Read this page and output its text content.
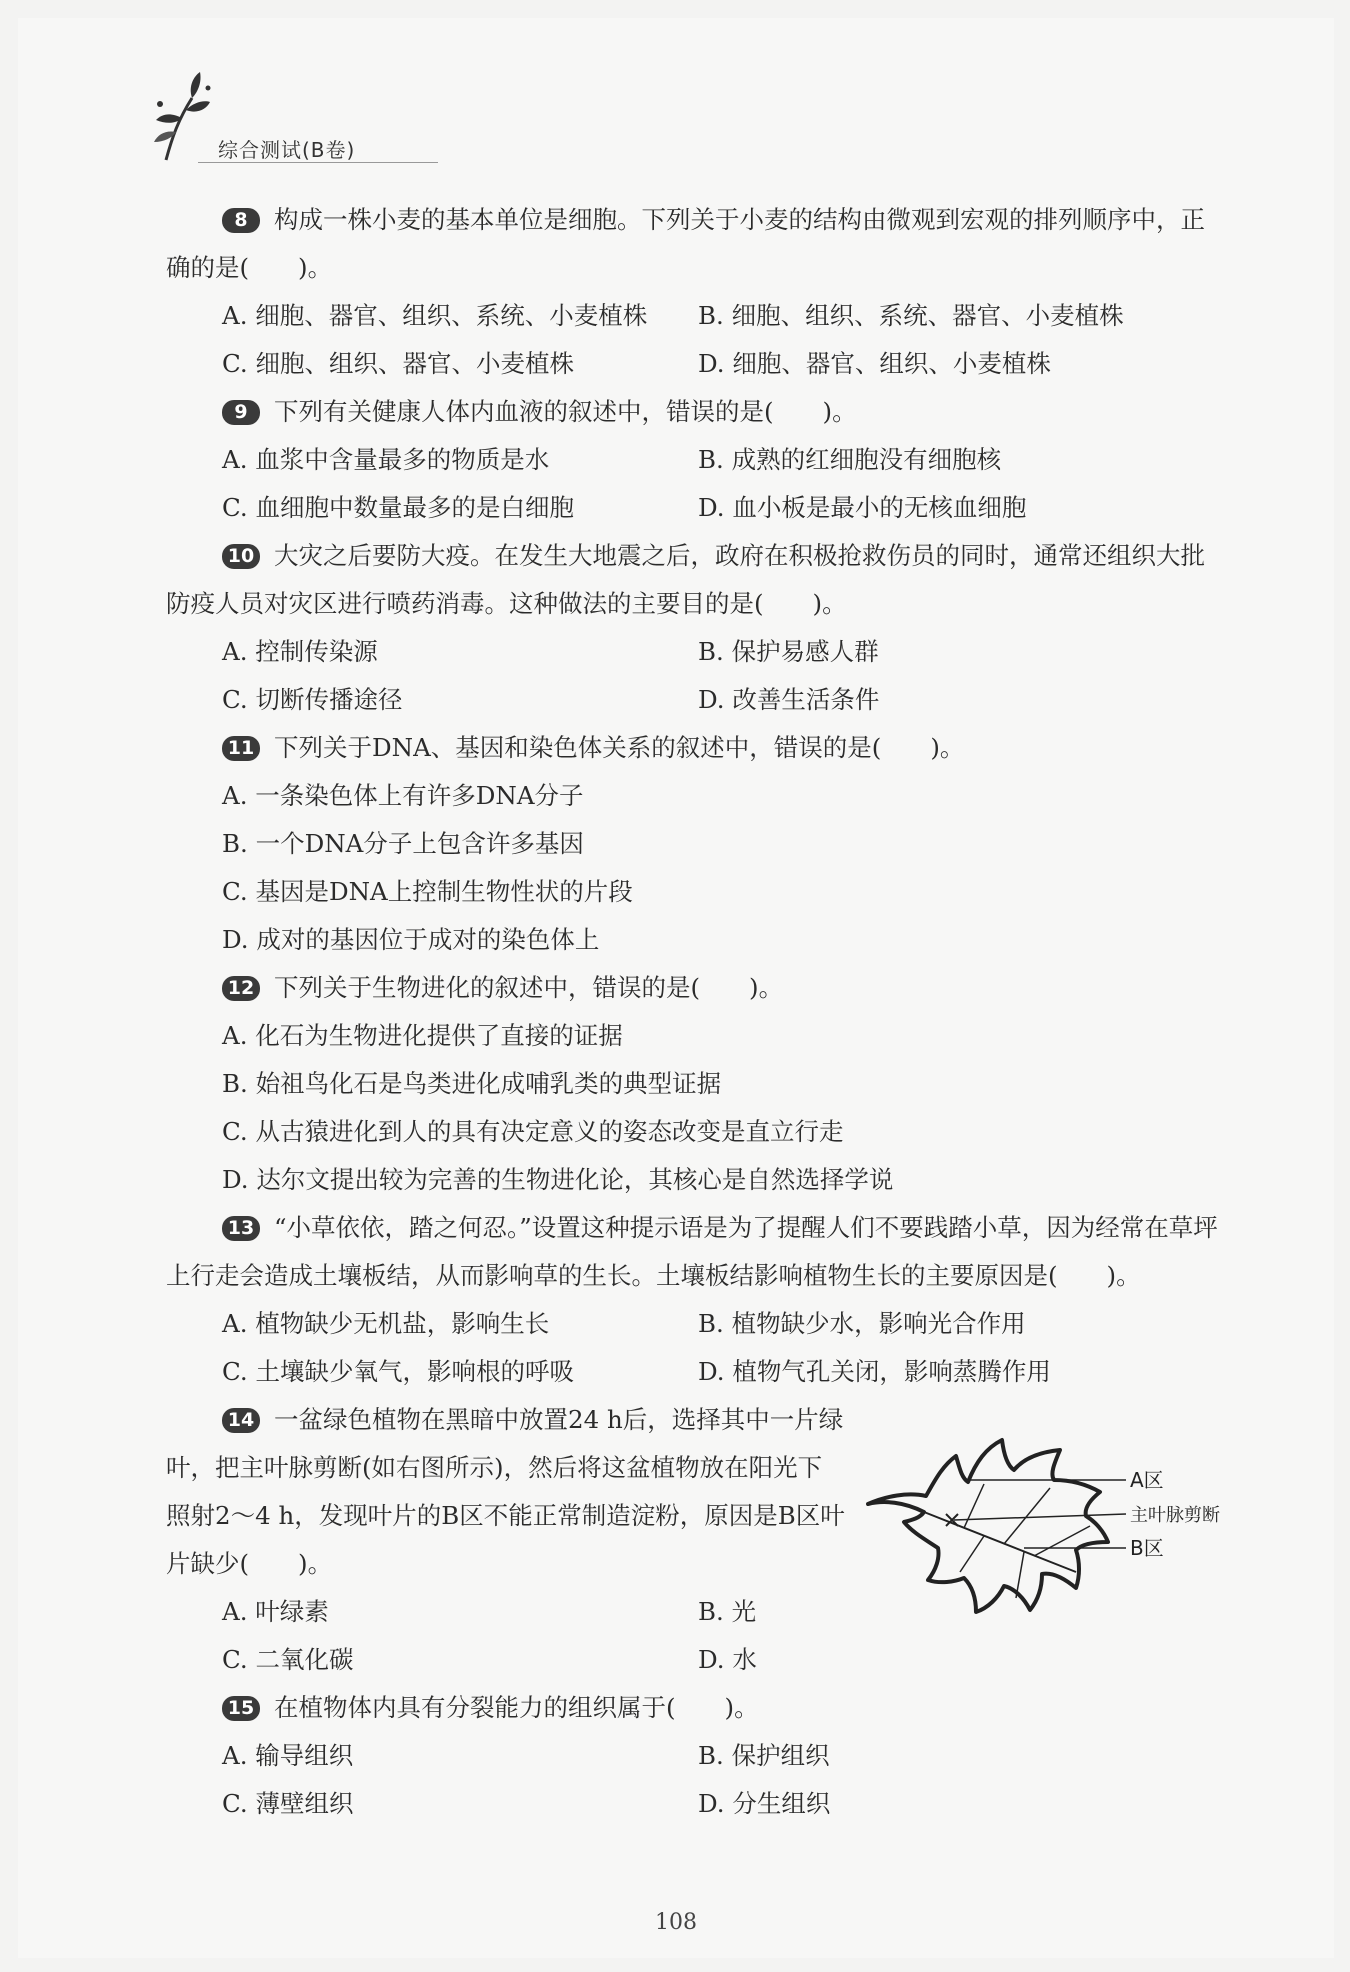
综合测试(B卷)
8 构成一株小麦的基本单位是细胞。下列关于小麦的结构由微观到宏观的排列顺序中，正确的是(　　)。
A. 细胞、器官、组织、系统、小麦植株	B. 细胞、组织、系统、器官、小麦植株
C. 细胞、组织、器官、小麦植株	D. 细胞、器官、组织、小麦植株
9 下列有关健康人体内血液的叙述中，错误的是(　　)。
A. 血浆中含量最多的物质是水	B. 成熟的红细胞没有细胞核
C. 血细胞中数量最多的是白细胞	D. 血小板是最小的无核血细胞
10 大灾之后要防大疫。在发生大地震之后，政府在积极抢救伤员的同时，通常还组织大批防疫人员对灾区进行喷药消毒。这种做法的主要目的是(　　)。
A. 控制传染源	B. 保护易感人群
C. 切断传播途径	D. 改善生活条件
11 下列关于DNA、基因和染色体关系的叙述中，错误的是(　　)。
A. 一条染色体上有许多DNA分子
B. 一个DNA分子上包含许多基因
C. 基因是DNA上控制生物性状的片段
D. 成对的基因位于成对的染色体上
12 下列关于生物进化的叙述中，错误的是(　　)。
A. 化石为生物进化提供了直接的证据
B. 始祖鸟化石是鸟类进化成哺乳类的典型证据
C. 从古猿进化到人的具有决定意义的姿态改变是直立行走
D. 达尔文提出较为完善的生物进化论，其核心是自然选择学说
13 “小草依依，踏之何忍。”设置这种提示语是为了提醒人们不要践踏小草，因为经常在草坪上行走会造成土壤板结，从而影响草的生长。土壤板结影响植物生长的主要原因是(　　)。
A. 植物缺少无机盐，影响生长	B. 植物缺少水，影响光合作用
C. 土壤缺少氧气，影响根的呼吸	D. 植物气孔关闭，影响蒸腾作用
14 一盆绿色植物在黑暗中放置24 h后，选择其中一片绿叶，把主叶脉剪断(如右图所示)，然后将这盆植物放在阳光下照射2～4 h，发现叶片的B区不能正常制造淀粉，原因是B区叶片缺少(　　)。
A区
主叶脉剪断
B区
A. 叶绿素	B. 光
C. 二氧化碳	D. 水
15 在植物体内具有分裂能力的组织属于(　　)。
A. 输导组织	B. 保护组织
C. 薄壁组织	D. 分生组织
108
